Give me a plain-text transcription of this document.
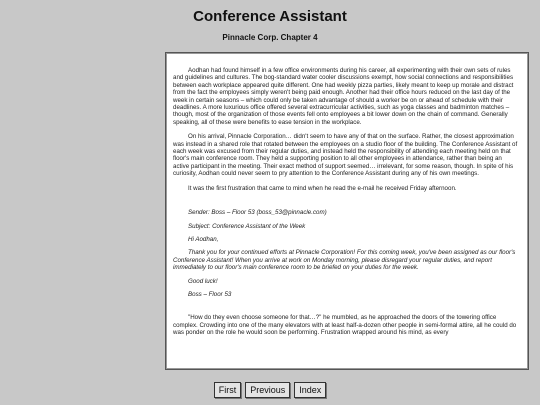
Conference Assistant
Pinnacle Corp. Chapter 4

Aodhan had found himself in a few office environments during his career, all experimenting with their own sets of rules and guidelines and cultures. The bog-standard water cooler discussions exempt, how social connections and responsibilities between each workplace appeared quite different. One had weekly pizza parties, likely meant to keep up morale and distract from the fact the employees simply weren't being paid enough. Another had their office hours reduced on the last day of the week in certain seasons – which could only be taken advantage of should a worker be on or ahead of schedule with their deadlines. A more luxurious office offered several extracurricular activities, such as yoga classes and badminton matches – though, most of the organization of those events fell onto employees a bit lower down on the chain of command. Generally speaking, all of these were benefits to ease tension in the workplace.

On his arrival, Pinnacle Corporation… didn't seem to have any of that on the surface. Rather, the closest approximation was instead in a shared role that rotated between the employees on a studio floor of the building. The Conference Assistant of each week was excused from their regular duties, and instead held the responsibility of attending each meeting held on that floor's main conference room. They held a supporting position to all other employees in attendance, rather than being an active participant in the meeting. Their exact method of support seemed… irrelevant, for some reason, though. In spite of his curiosity, Aodhan could never seem to pry attention to the Conference Assistant during any of his own meetings.

It was the first frustration that came to mind when he read the e-mail he received Friday afternoon.

Sender: Boss – Floor 53 (boss_53@pinnacle.com)

Subject: Conference Assistant of the Week

Hi Aodhan,

Thank you for your continued efforts at Pinnacle Corporation! For this coming week, you've been assigned as our floor's Conference Assistant! When you arrive at work on Monday morning, please disregard your regular duties, and report immediately to our floor's main conference room to be briefed on your duties for the week.

Good luck!

Boss – Floor 53

"How do they even choose someone for that…?" he mumbled, as he approached the doors of the towering office complex. Crowding into one of the many elevators with at least half-a-dozen other people in semi-formal attire, all he could do was ponder on the role he would soon be performing. Frustration wrapped around his mind, as every

First Previous Index
